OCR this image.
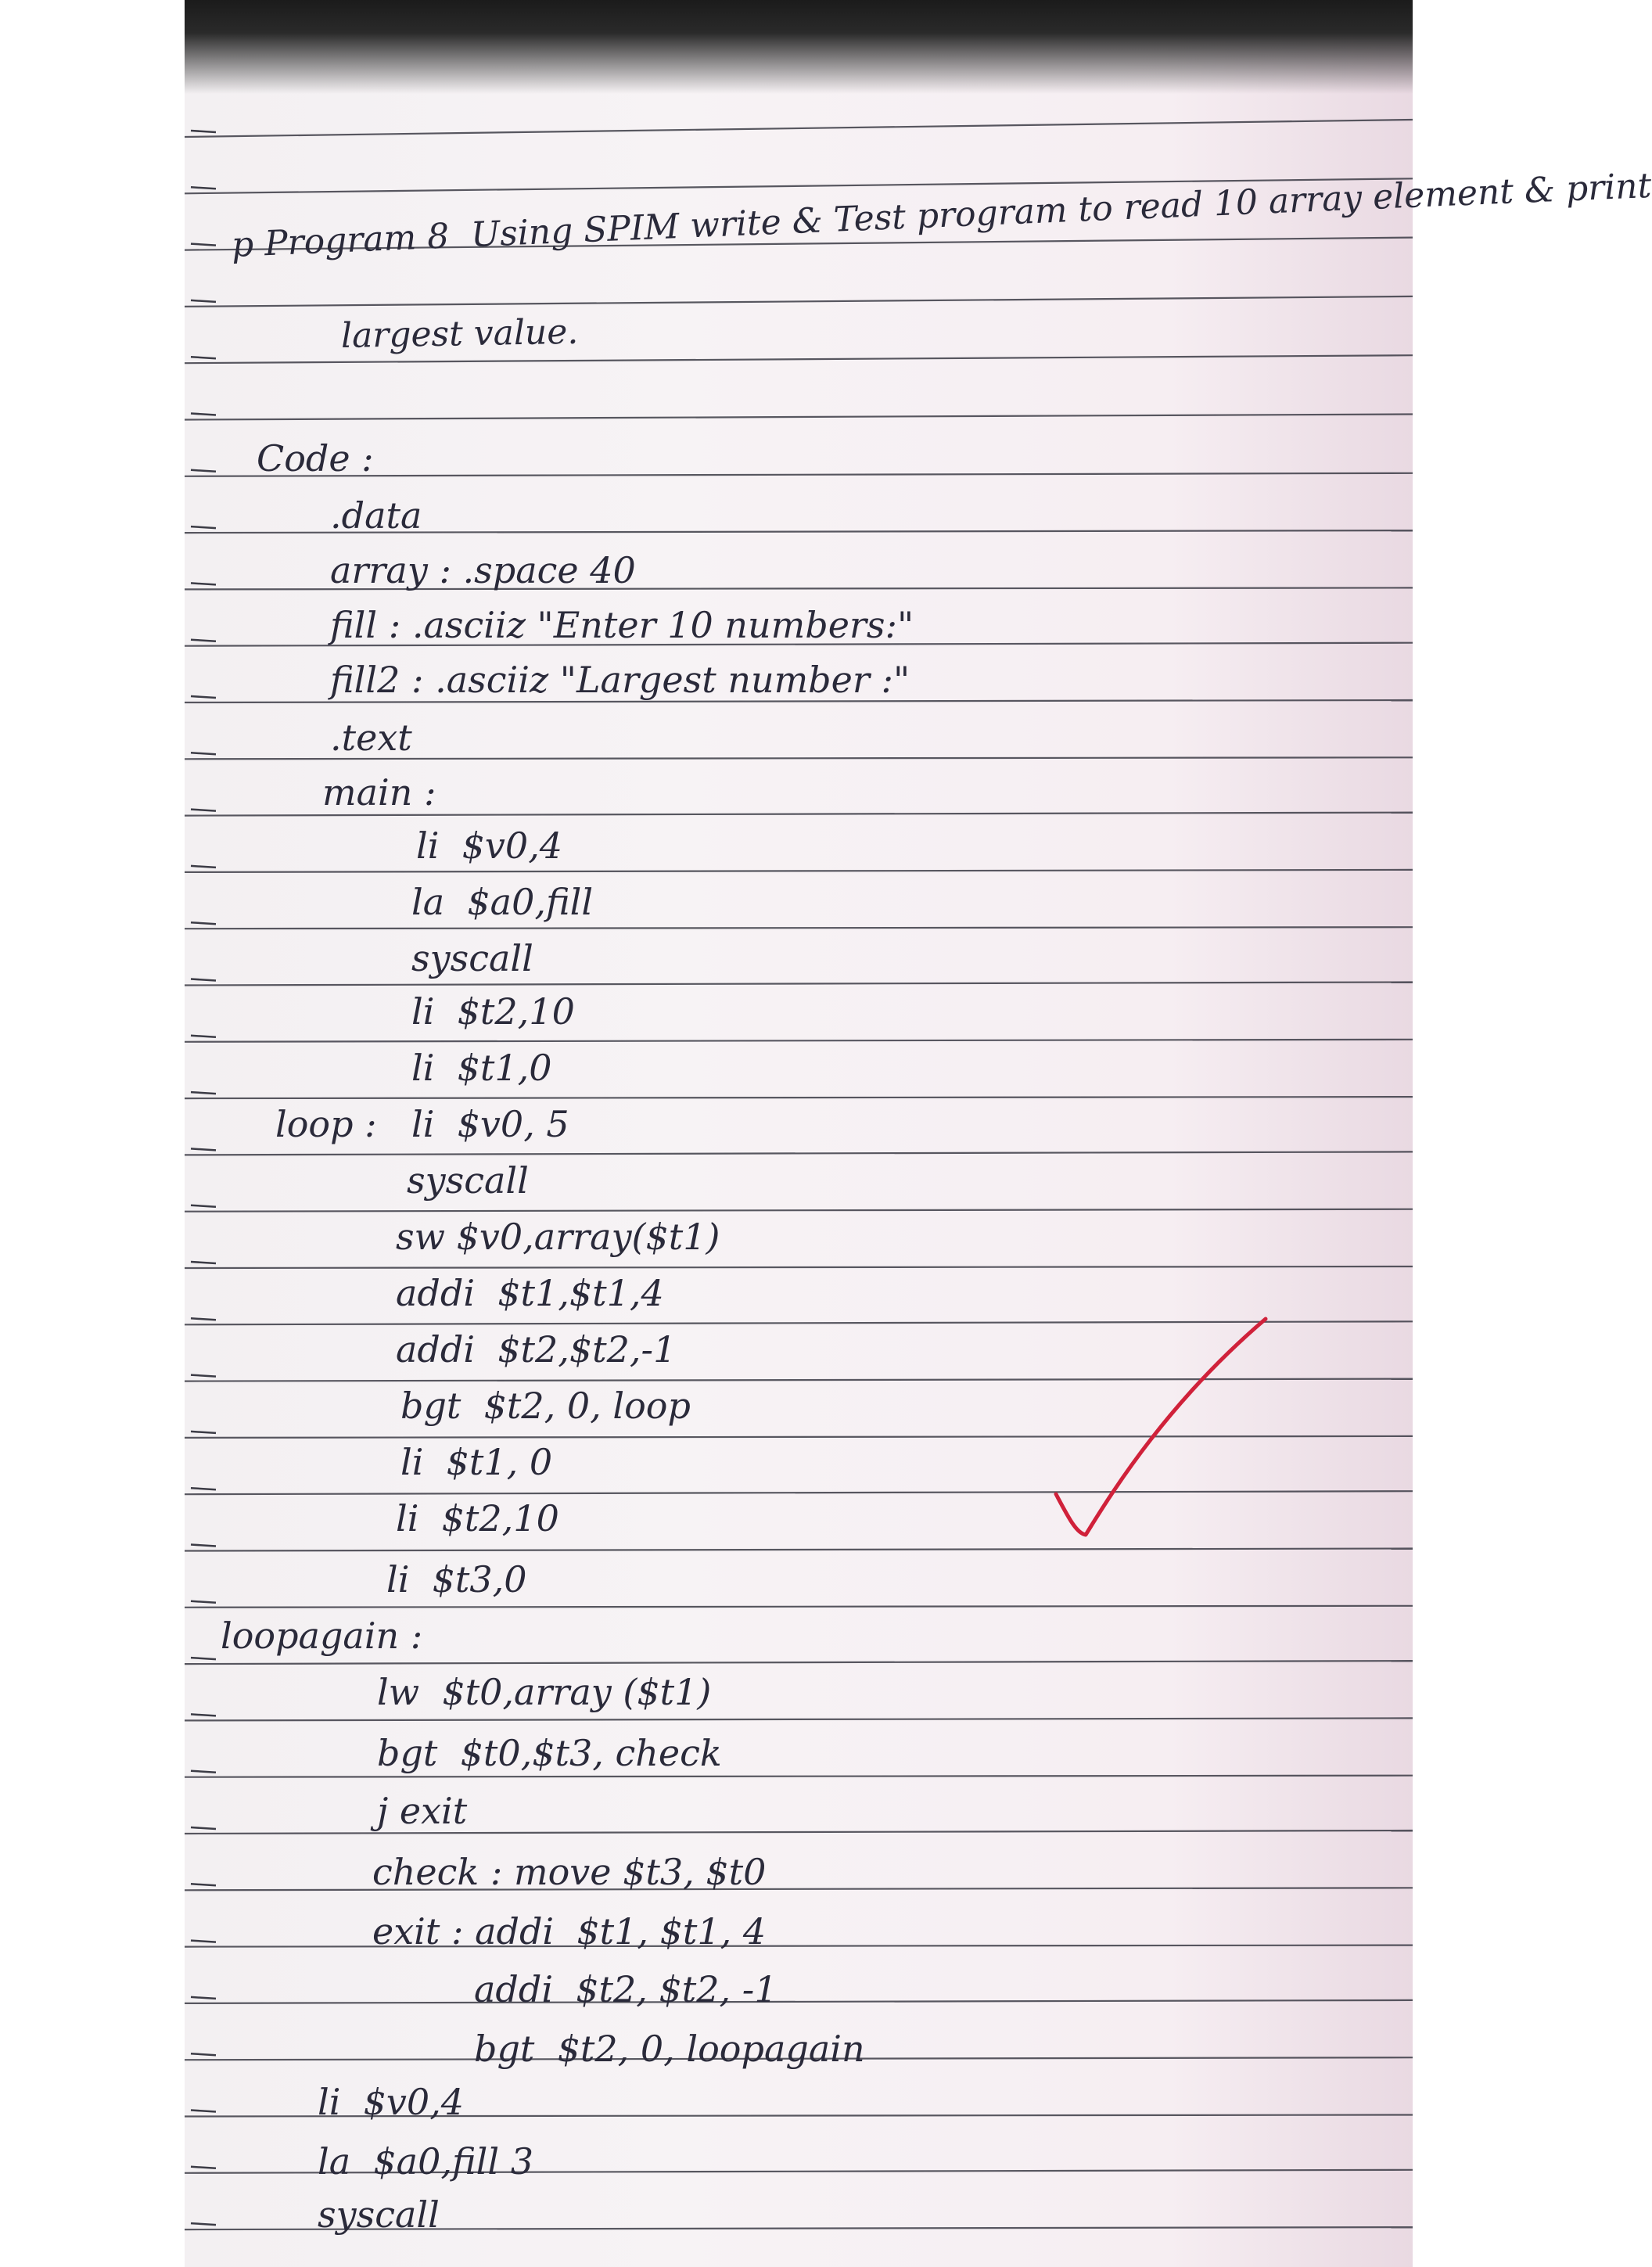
p Program 8  Using SPIM write & Test program to read 10 array element & print
largest value.
Code :
.data
array : .space 40
fill : .asciiz "Enter 10 numbers:"
fill2 : .asciiz "Largest number :"
.text
main :
li  $v0,4
la  $a0,fill
syscall
li  $t2,10
li  $t1,0
loop : li  $v0, 5
syscall
sw $v0,array($t1)
addi  $t1,$t1,4
addi  $t2,$t2,-1
bgt  $t2, 0, loop
li  $t1, 0
li  $t2,10
li  $t3,0
loopagain :
lw  $t0,array ($t1)
bgt  $t0,$t3, check
j exit
check : move $t3, $t0
exit : addi  $t1, $t1, 4
addi  $t2, $t2, -1
bgt  $t2, 0, loopagain
li  $v0,4
la  $a0,fill 3
syscall
